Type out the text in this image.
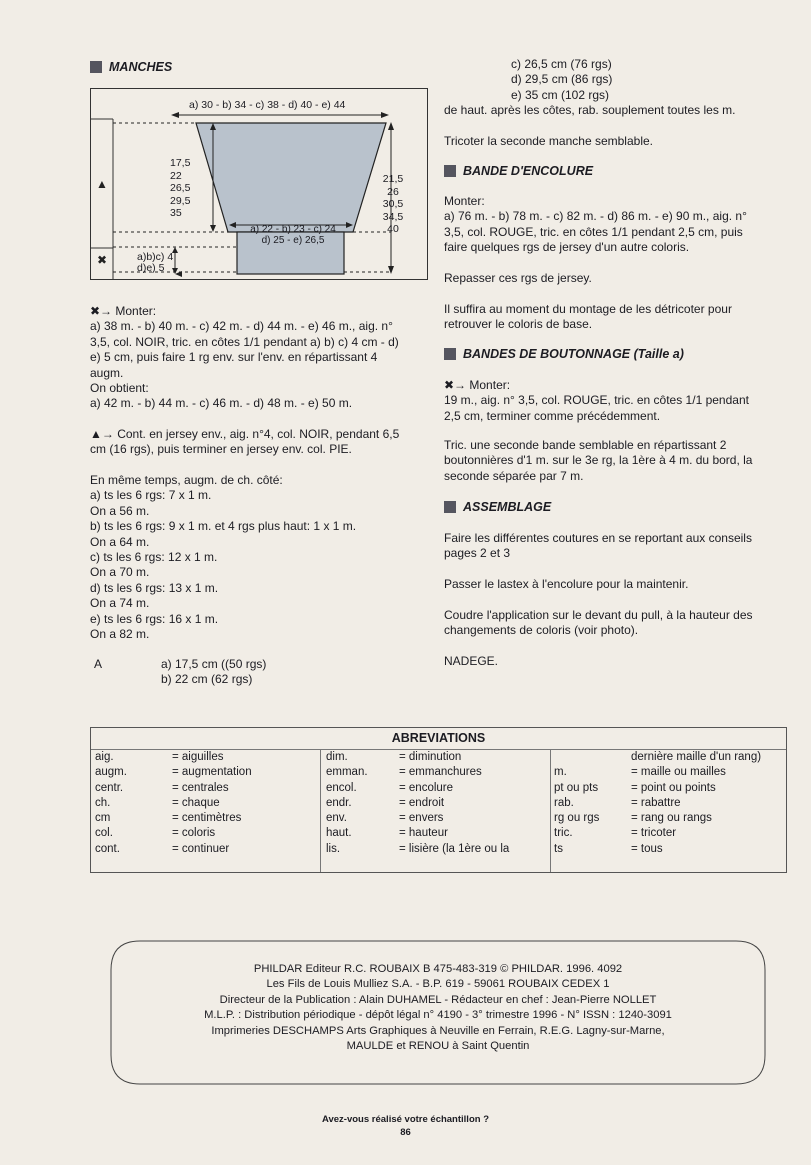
MANCHES
a) 30 - b) 34 - c) 38 - d) 40 - e) 44
17,5
22
26,5
29,5
35
21,5
26
30,5
34,5
40
a) 22 - b) 23 - c) 24
d) 25 - e) 26,5
a)b)c) 4
d)e) 5
▲
✖
✖→ Monter:
a) 38 m. - b) 40 m. - c) 42 m. - d) 44 m. - e) 46 m., aig. n°
3,5, col. NOIR, tric. en côtes 1/1 pendant a) b) c) 4 cm - d)
e) 5 cm, puis faire 1 rg env. sur l'env. en répartissant 4
augm.
On obtient:
a) 42 m. - b) 44 m. - c) 46 m. - d) 48 m. - e) 50 m.
▲→ Cont. en jersey env., aig. n°4, col. NOIR, pendant 6,5
cm (16 rgs), puis terminer en jersey env. col. PIE.
En même temps, augm. de ch. côté:
a) ts les 6 rgs: 7 x 1 m.
On a 56 m.
b) ts les 6 rgs: 9 x 1 m. et 4 rgs plus haut: 1 x 1 m.
On a 64 m.
c) ts les 6 rgs: 12 x 1 m.
On a 70 m.
d) ts les 6 rgs: 13 x 1 m.
On a 74 m.
e) ts les 6 rgs: 16 x 1 m.
On a 82 m.
A	a) 17,5 cm ((50 rgs)
b) 22 cm (62 rgs)
c) 26,5 cm (76 rgs)
d) 29,5 cm (86 rgs)
e) 35 cm (102 rgs)
de haut. après les côtes, rab. souplement toutes les m.
Tricoter la seconde manche semblable.
BANDE D'ENCOLURE
Monter:
a) 76 m. - b) 78 m. - c) 82 m. - d) 86 m. - e) 90 m., aig. n°
3,5, col. ROUGE, tric. en côtes 1/1 pendant 2,5 cm, puis
faire quelques rgs de jersey d'un autre coloris.
Repasser ces rgs de jersey.
Il suffira au moment du montage de les détricoter pour
retrouver le coloris de base.
BANDES DE BOUTONNAGE (Taille a)
✖→ Monter:
19 m., aig. n° 3,5, col. ROUGE, tric. en côtes 1/1 pendant
2,5 cm, terminer comme précédemment.
Tric. une seconde bande semblable en répartissant 2
boutonnières d'1 m. sur le 3e rg, la 1ère à 4 m. du bord, la
seconde séparée par 7 m.
ASSEMBLAGE
Faire les différentes coutures en se reportant aux conseils
pages 2 et 3
Passer le lastex à l'encolure pour la maintenir.
Coudre l'application sur le devant du pull, à la hauteur des
changements de coloris (voir photo).
NADEGE.
ABREVIATIONS
aig.	= aiguilles
augm.	= augmentation
centr.	= centrales
ch.	= chaque
cm	= centimètres
col.	= coloris
cont.	= continuer
dim.	= diminution
emman.	= emmanchures
encol.	= encolure
endr.	= endroit
env.	= envers
haut.	= hauteur
lis.	= lisière (la 1ère ou la
dernière maille d'un rang)
m.	= maille ou mailles
pt ou pts	= point ou points
rab.	= rabattre
rg ou rgs	= rang ou rangs
tric.	= tricoter
ts	= tous
PHILDAR Editeur R.C. ROUBAIX B 475-483-319 © PHILDAR. 1996. 4092
Les Fils de Louis Mulliez S.A. - B.P. 619 - 59061 ROUBAIX CEDEX 1
Directeur de la Publication : Alain DUHAMEL - Rédacteur en chef : Jean-Pierre NOLLET
M.L.P. : Distribution périodique - dépôt légal n° 4190 - 3° trimestre 1996 - N° ISSN : 1240-3091
Imprimeries DESCHAMPS Arts Graphiques à Neuville en Ferrain, R.E.G. Lagny-sur-Marne,
MAULDE et RENOU à Saint Quentin
Avez-vous réalisé votre échantillon ?
86
